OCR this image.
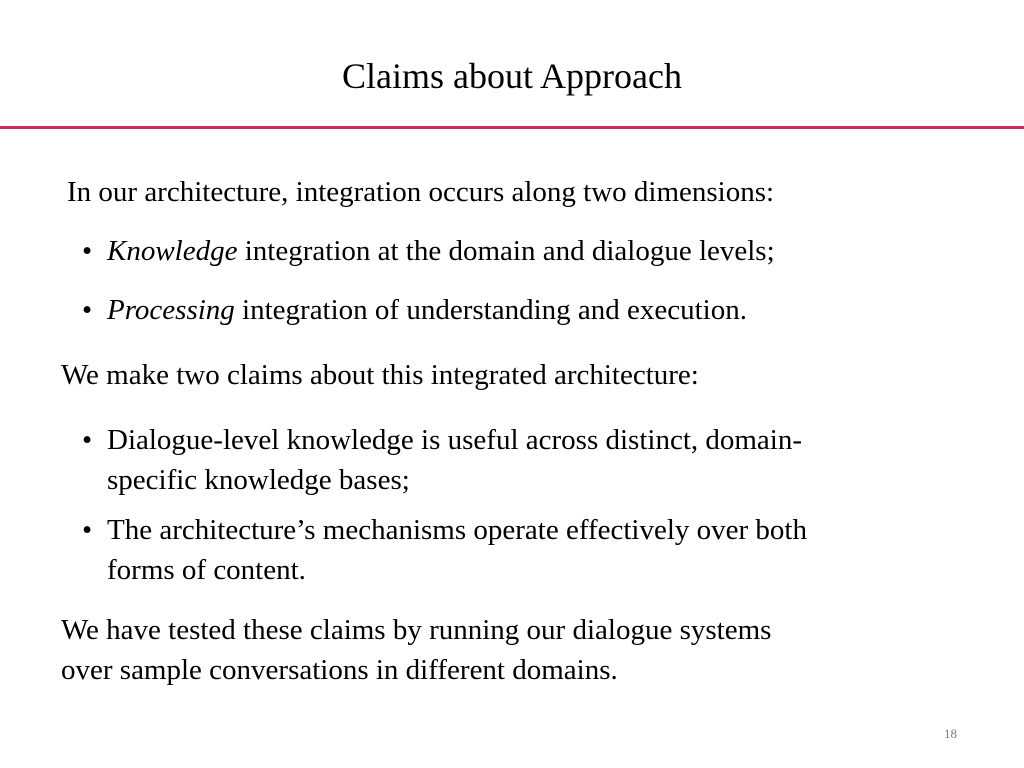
Claims about Approach
In our architecture, integration occurs along two dimensions:
• Knowledge integration at the domain and dialogue levels;
• Processing integration of understanding and execution.
We make two claims about this integrated architecture:
• Dialogue-level knowledge is useful across distinct, domain-
specific knowledge bases;
• The architecture’s mechanisms operate effectively over both
forms of content.
We have tested these claims by running our dialogue systems
over sample conversations in different domains.
18
